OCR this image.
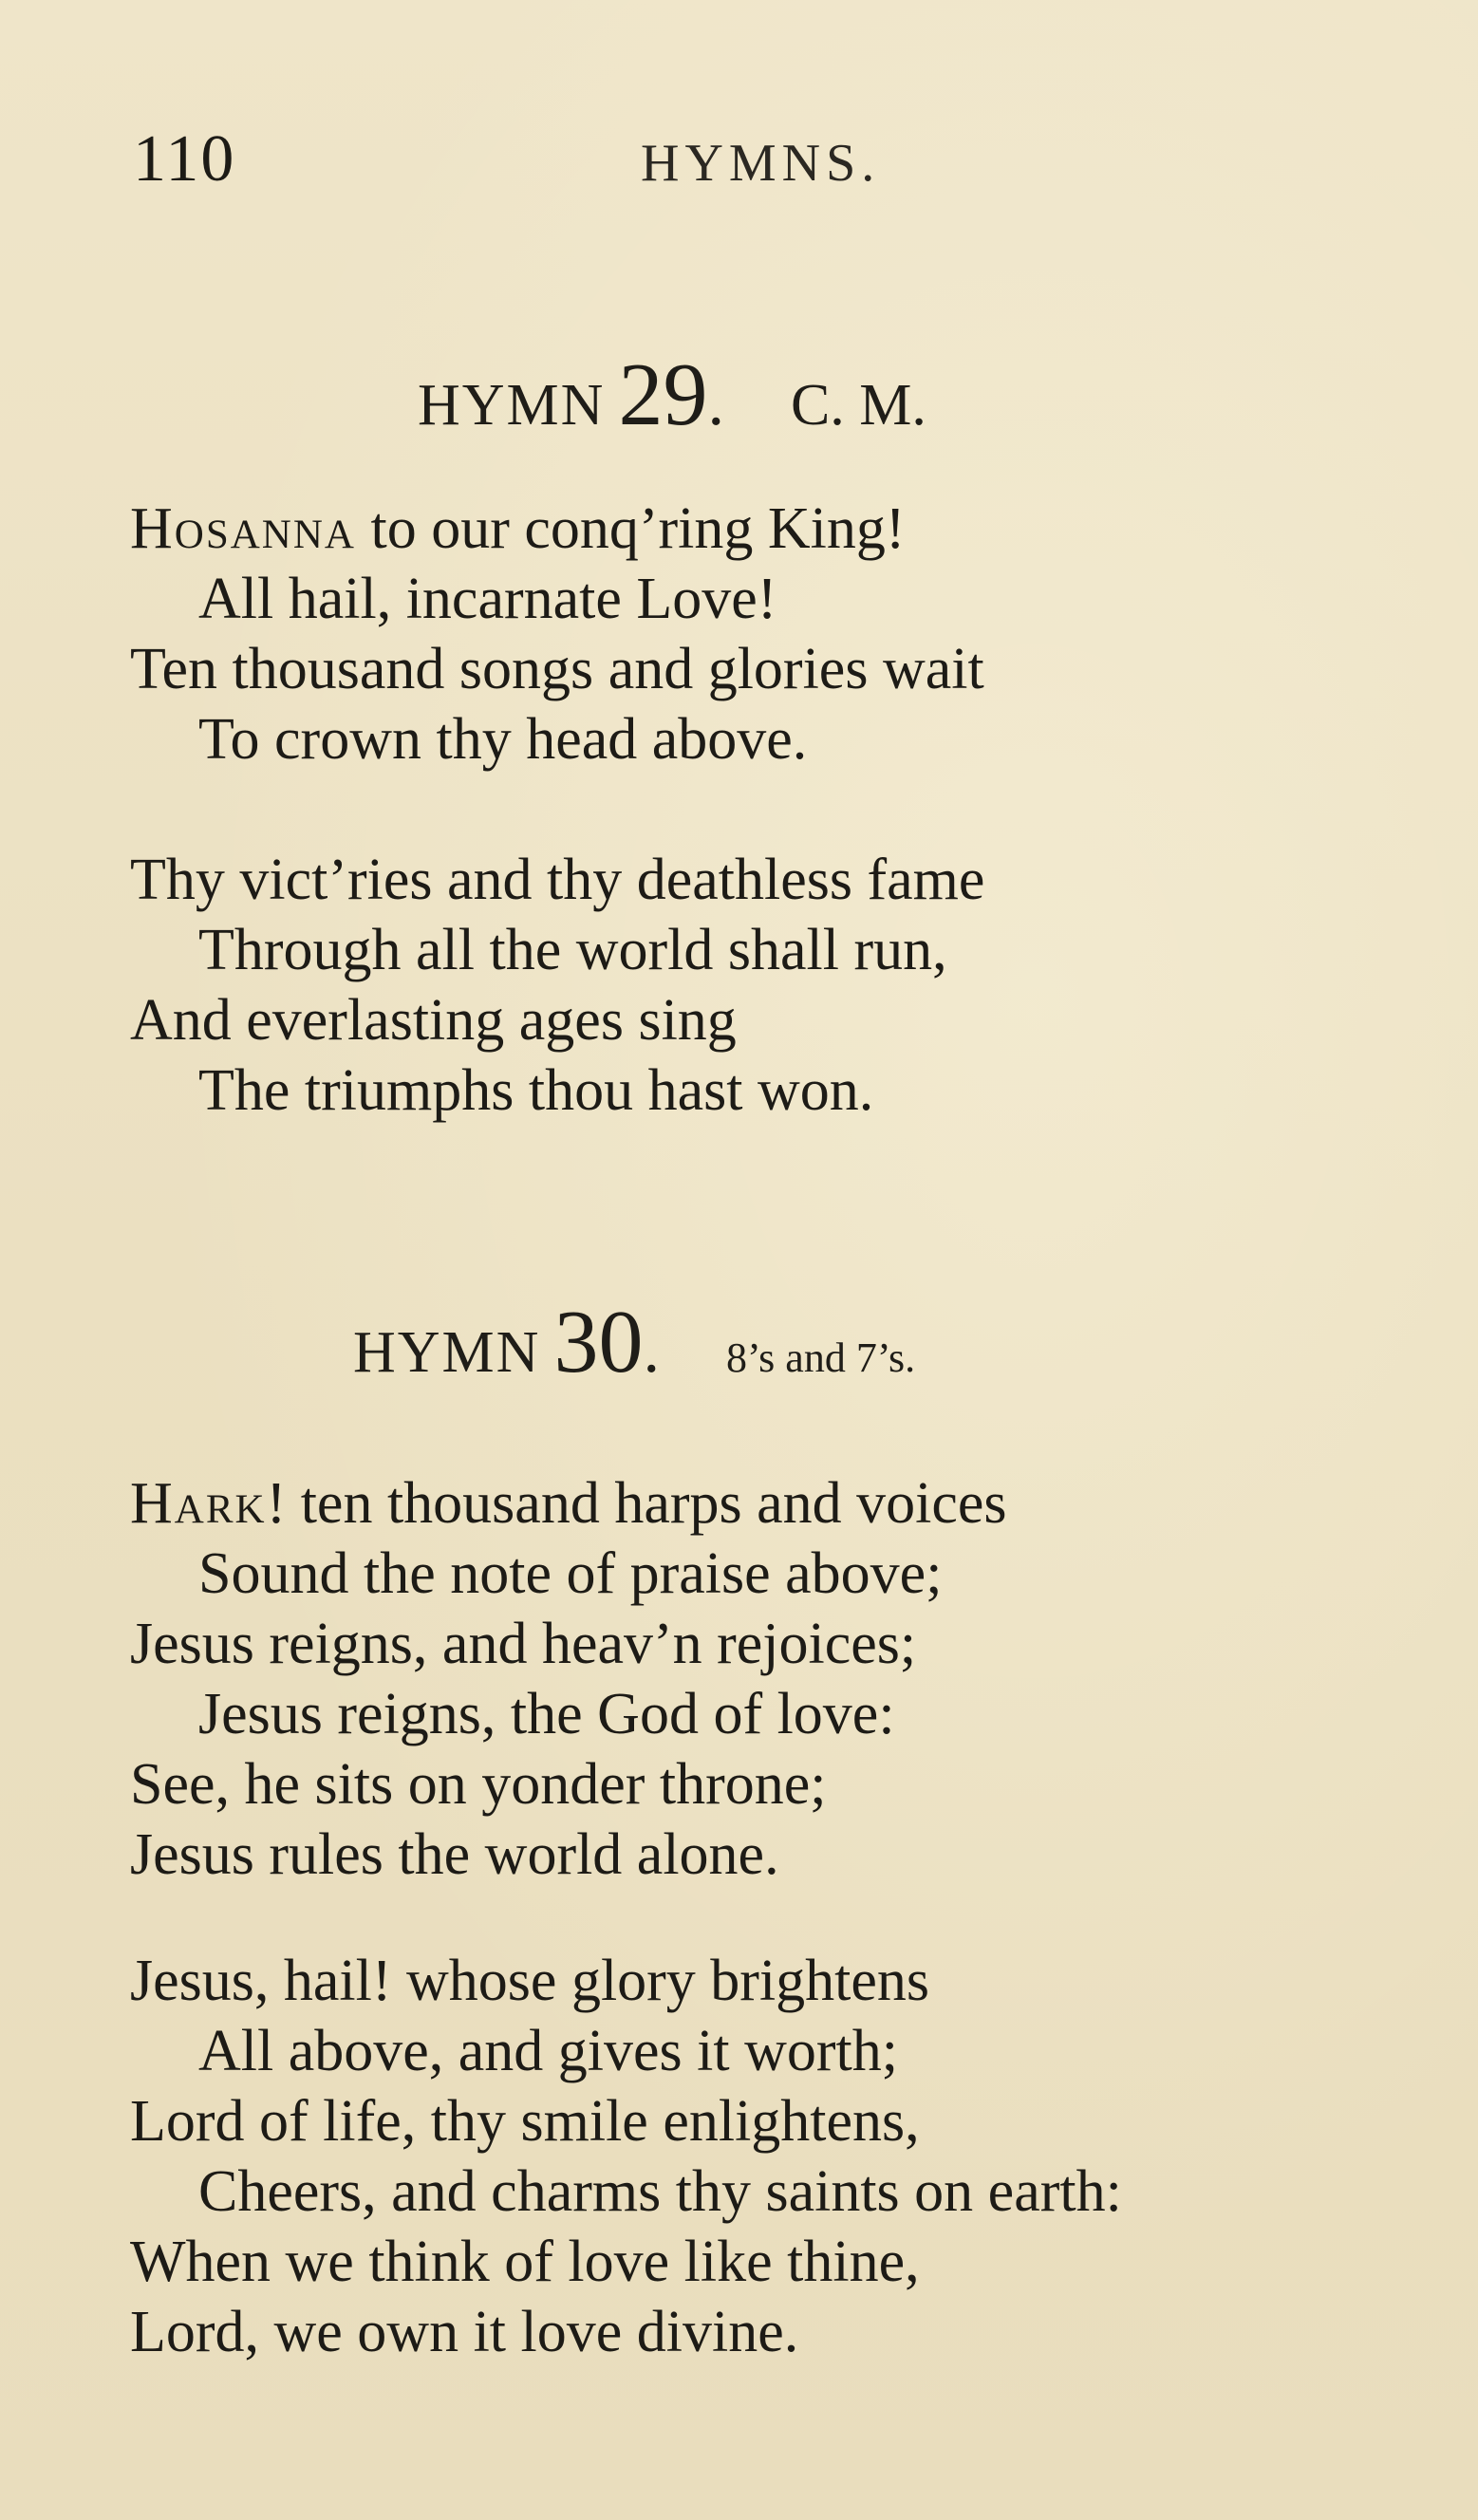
110	HYMNS.
HYMN 29. C. M.
Hosanna to our conq’ring King!
All hail, incarnate Love!
Ten thousand songs and glories wait
To crown thy head above.
Thy vict’ries and thy deathless fame
Through all the world shall run,
And everlasting ages sing
The triumphs thou hast won.
HYMN 30. 8’s and 7’s.
Hark! ten thousand harps and voices
Sound the note of praise above;
Jesus reigns, and heav’n rejoices;
Jesus reigns, the God of love:
See, he sits on yonder throne;
Jesus rules the world alone.
Jesus, hail! whose glory brightens
All above, and gives it worth;
Lord of life, thy smile enlightens,
Cheers, and charms thy saints on earth:
When we think of love like thine,
Lord, we own it love divine.
